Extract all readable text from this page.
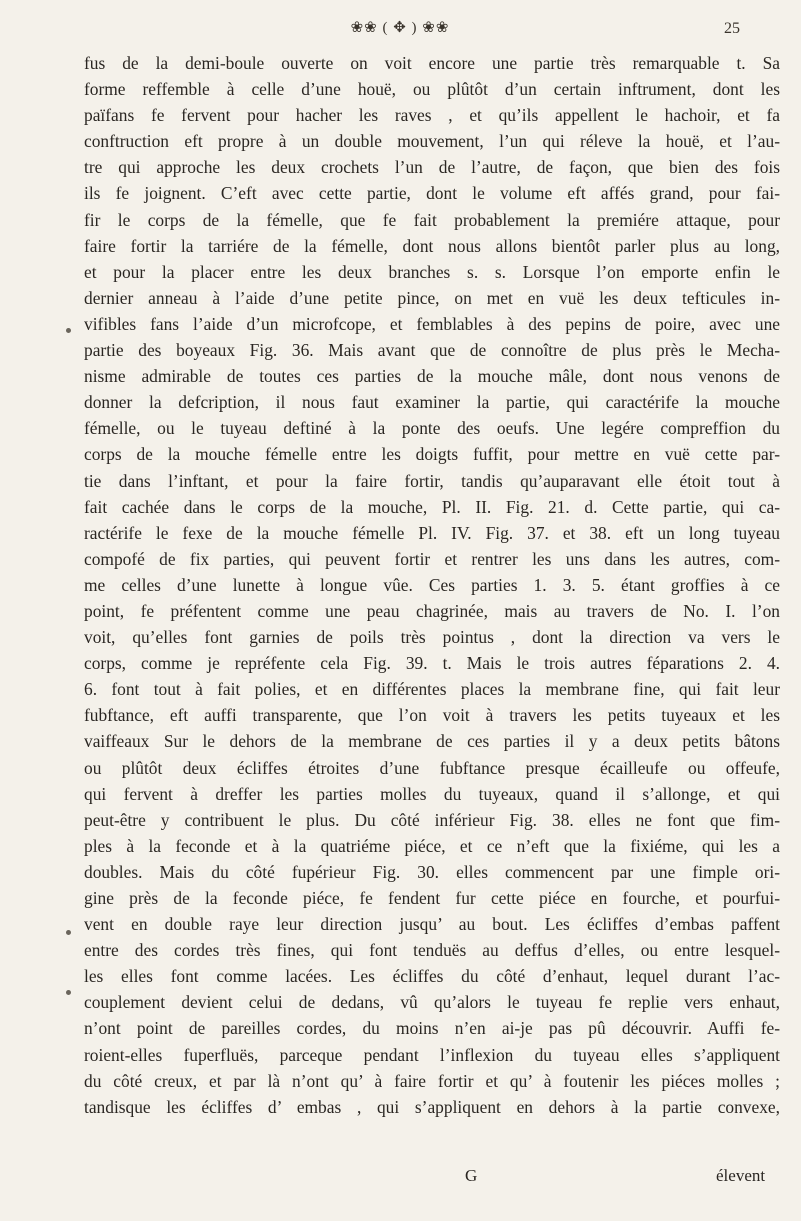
❀❀ ( ✥ ) ❀❀	25
fus de la demi-boule ouverte on voit encore une partie très remarquable t. Sa
forme reffemble à celle d’une houë, ou plûtôt d’un certain inftrument, dont les
païfans fe fervent pour hacher les raves , et qu’ils appellent le hachoir, et fa
conftruction eft propre à un double mouvement, l’un qui réleve la houë, et l’au-
tre qui approche les deux crochets l’un de l’autre, de façon, que bien des fois
ils fe joignent. C’eft avec cette partie, dont le volume eft affés grand, pour fai-
fir le corps de la fémelle, que fe fait probablement la premiére attaque, pour
faire fortir la tarriére de la fémelle, dont nous allons bientôt parler plus au long,
et pour la placer entre les deux branches s. s. Lorsque l’on emporte enfin le
dernier anneau à l’aide d’une petite pince, on met en vuë les deux tefticules in-
vifibles fans l’aide d’un microfcope, et femblables à des pepins de poire, avec une
partie des boyeaux Fig. 36. Mais avant que de connoître de plus près le Mecha-
nisme admirable de toutes ces parties de la mouche mâle, dont nous venons de
donner la defcription, il nous faut examiner la partie, qui caractérife la mouche
fémelle, ou le tuyeau deftiné à la ponte des oeufs. Une legére compreffion du
corps de la mouche fémelle entre les doigts fuffit, pour mettre en vuë cette par-
tie dans l’inftant, et pour la faire fortir, tandis qu’auparavant elle étoit tout à
fait cachée dans le corps de la mouche, Pl. II. Fig. 21. d. Cette partie, qui ca-
ractérife le fexe de la mouche fémelle Pl. IV. Fig. 37. et 38. eft un long tuyeau
compofé de fix parties, qui peuvent fortir et rentrer les uns dans les autres, com-
me celles d’une lunette à longue vûe. Ces parties 1. 3. 5. étant groffies à ce
point, fe préfentent comme une peau chagrinée, mais au travers de No. I. l’on
voit, qu’elles font garnies de poils très pointus , dont la direction va vers le
corps, comme je repréfente cela Fig. 39. t. Mais le trois autres féparations 2. 4.
6. font tout à fait polies, et en différentes places la membrane fine, qui fait leur
fubftance, eft auffi transparente, que l’on voit à travers les petits tuyeaux et les
vaiffeaux Sur le dehors de la membrane de ces parties il y a deux petits bâtons
ou plûtôt deux écliffes étroites d’une fubftance presque écailleufe ou offeufe,
qui fervent à dreffer les parties molles du tuyeaux, quand il s’allonge, et qui
peut-être y contribuent le plus. Du côté inférieur Fig. 38. elles ne font que fim-
ples à la feconde et à la quatriéme piéce, et ce n’eft que la fixiéme, qui les a
doubles. Mais du côté fupérieur Fig. 30. elles commencent par une fimple ori-
gine près de la feconde piéce, fe fendent fur cette piéce en fourche, et pourfui-
vent en double raye leur direction jusqu’ au bout. Les écliffes d’embas paffent
entre des cordes très fines, qui font tenduës au deffus d’elles, ou entre lesquel-
les elles font comme lacées. Les écliffes du côté d’enhaut, lequel durant l’ac-
couplement devient celui de dedans, vû qu’alors le tuyeau fe replie vers enhaut,
n’ont point de pareilles cordes, du moins n’en ai-je pas pû découvrir. Auffi fe-
roient-elles fuperfluës, parceque pendant l’inflexion du tuyeau elles s’appliquent
du côté creux, et par là n’ont qu’ à faire fortir et qu’ à foutenir les piéces molles ;
tandisque les écliffes d’ embas , qui s’appliquent en dehors à la partie convexe,
G	élevent
